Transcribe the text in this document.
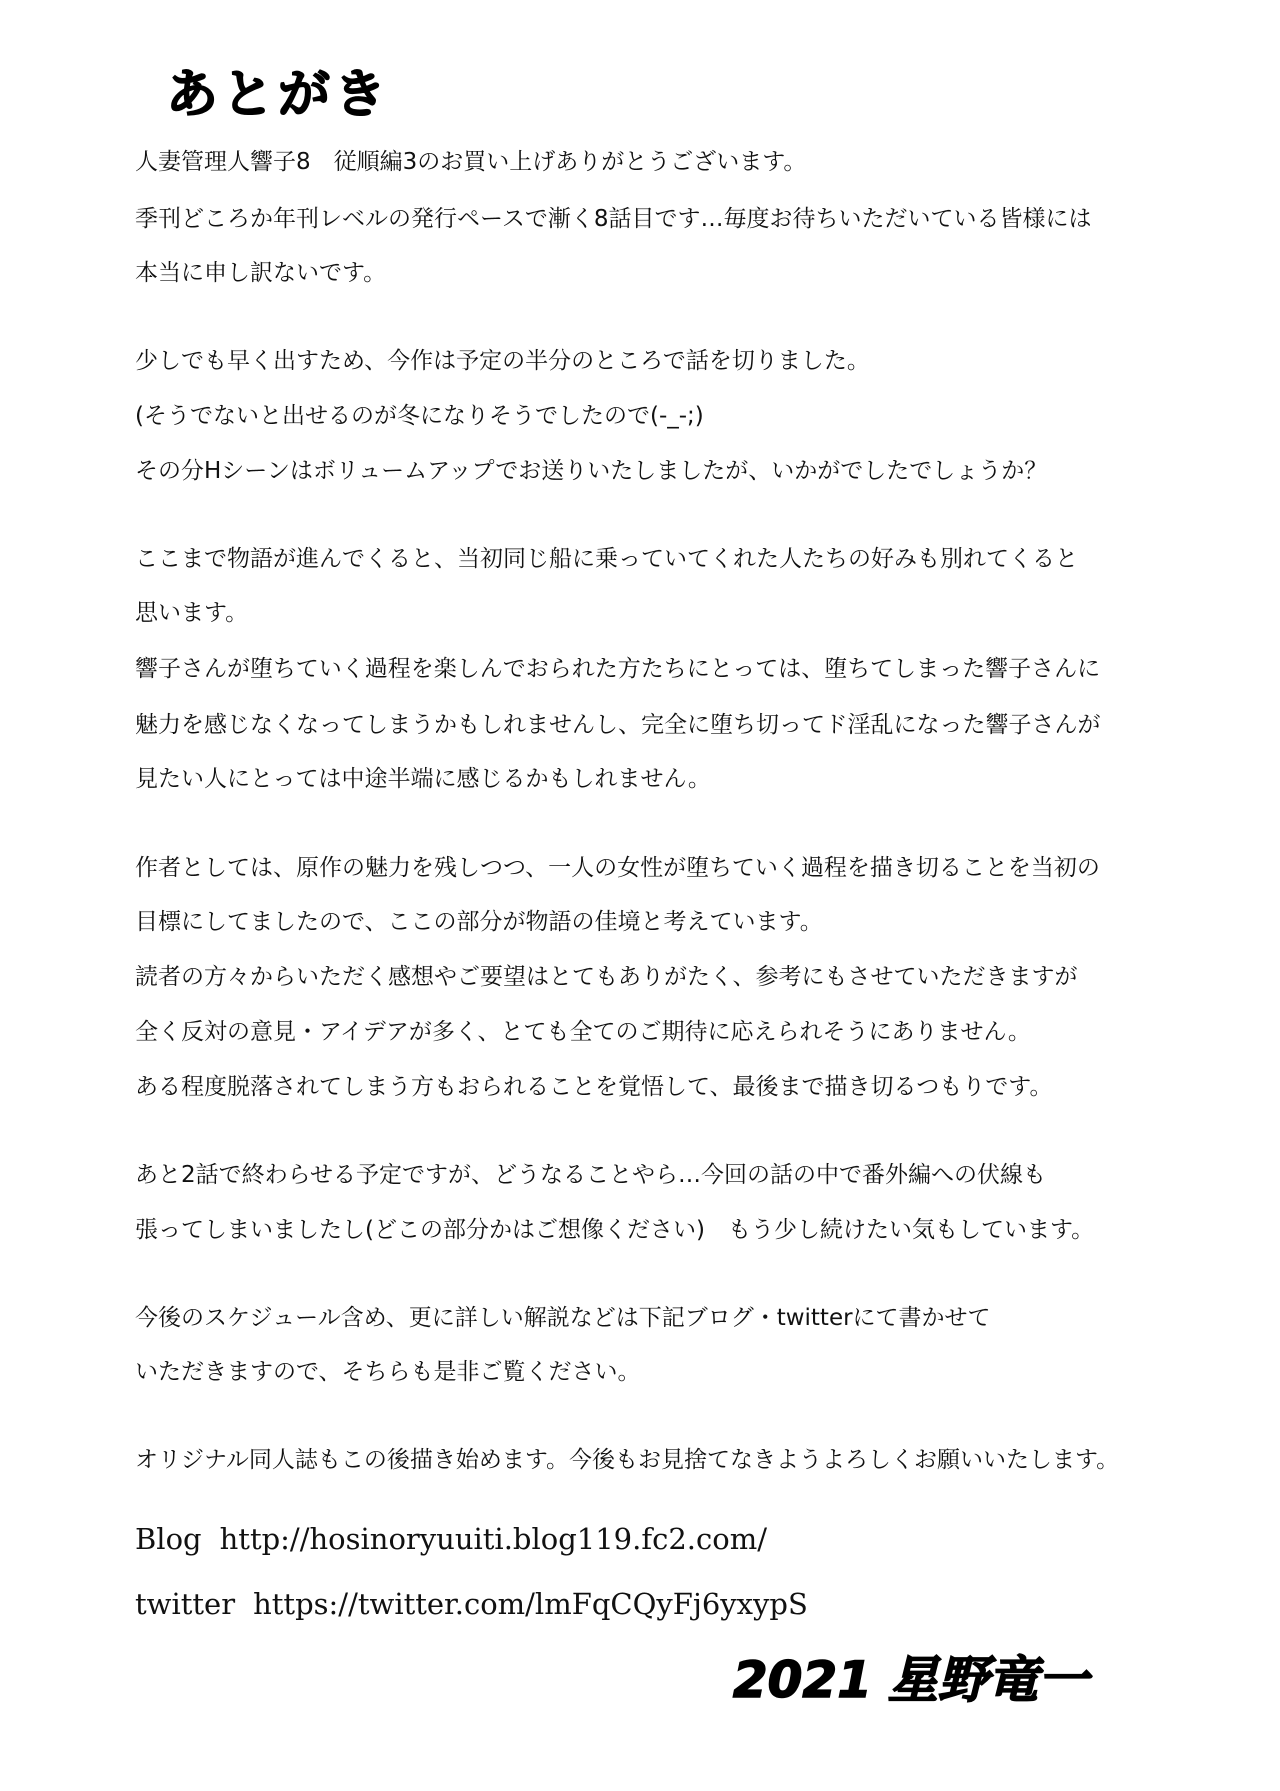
あとがき
人妻管理人響子8　従順編3のお買い上げありがとうございます。
季刊どころか年刊レベルの発行ペースで漸く8話目です…毎度お待ちいただいている皆様には
本当に申し訳ないです。
少しでも早く出すため、今作は予定の半分のところで話を切りました。
(そうでないと出せるのが冬になりそうでしたので(-_-;)
その分Hシーンはボリュームアップでお送りいたしましたが、いかがでしたでしょうか？
ここまで物語が進んでくると、当初同じ船に乗っていてくれた人たちの好みも別れてくると
思います。
響子さんが堕ちていく過程を楽しんでおられた方たちにとっては、堕ちてしまった響子さんに
魅力を感じなくなってしまうかもしれませんし、完全に堕ち切ってド淫乱になった響子さんが
見たい人にとっては中途半端に感じるかもしれません。
作者としては、原作の魅力を残しつつ、一人の女性が堕ちていく過程を描き切ることを当初の
目標にしてましたので、ここの部分が物語の佳境と考えています。
読者の方々からいただく感想やご要望はとてもありがたく、参考にもさせていただきますが
全く反対の意見・アイデアが多く、とても全てのご期待に応えられそうにありません。
ある程度脱落されてしまう方もおられることを覚悟して、最後まで描き切るつもりです。
あと2話で終わらせる予定ですが、どうなることやら…今回の話の中で番外編への伏線も
張ってしまいましたし(どこの部分かはご想像ください)　もう少し続けたい気もしています。
今後のスケジュール含め、更に詳しい解説などは下記ブログ・twitterにて書かせて
いただきますので、そちらも是非ご覧ください。
オリジナル同人誌もこの後描き始めます。今後もお見捨てなきようよろしくお願いいたします。
Blog http://hosinoryuuiti.blog119.fc2.com/
twitter https://twitter.com/lmFqCQyFj6yxypS
2021 星野竜一
